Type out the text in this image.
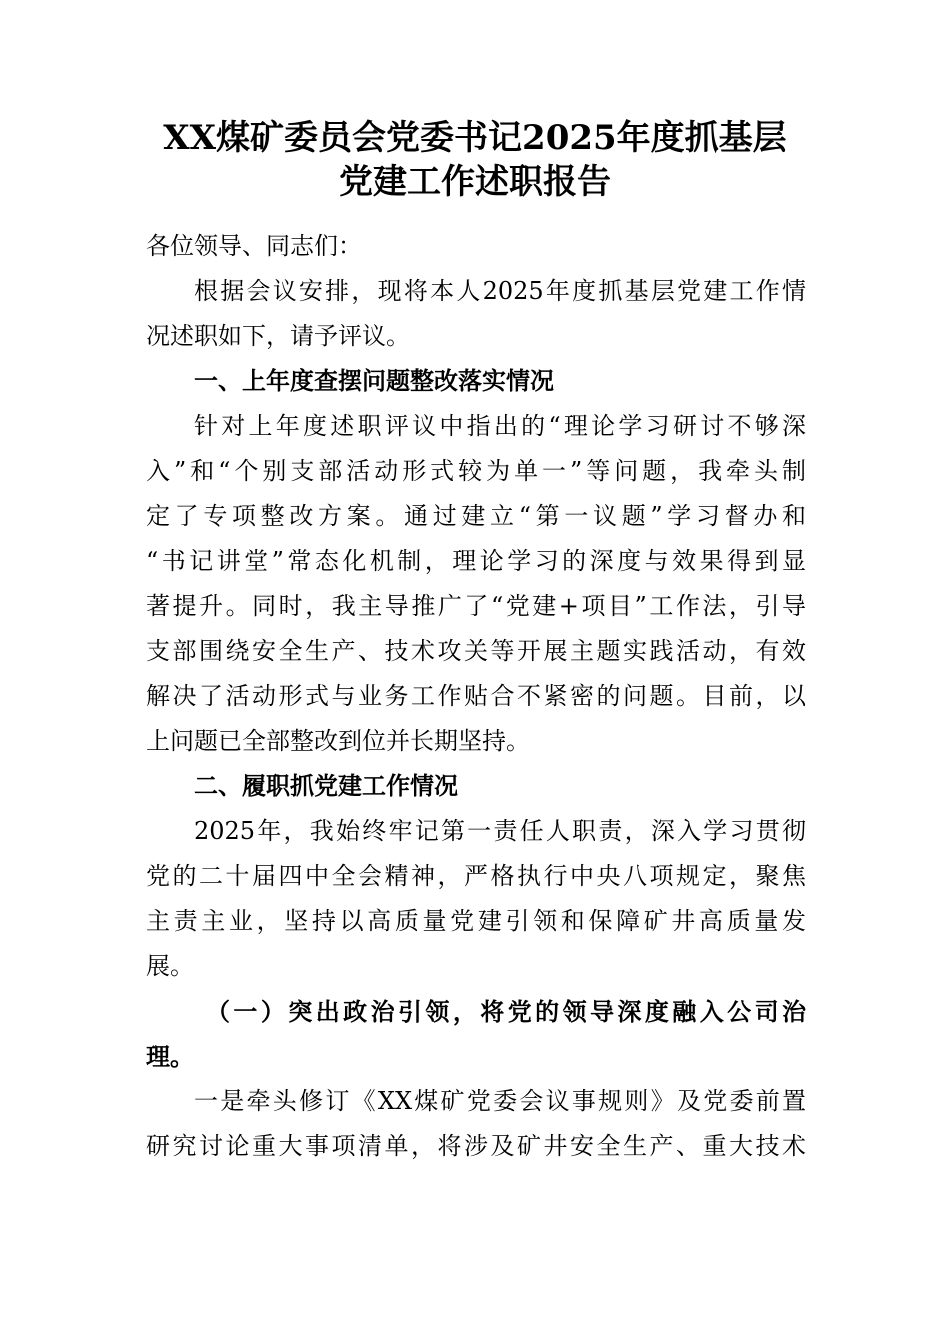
XX煤矿委员会党委书记2025年度抓基层
党建工作述职报告
各位领导、同志们：
根据会议安排，现将本人2025年度抓基层党建工作情
况述职如下，请予评议。
一、上年度查摆问题整改落实情况
针对上年度述职评议中指出的“理论学习研讨不够深
入”和“个别支部活动形式较为单一”等问题，我牵头制
定了专项整改方案。通过建立“第一议题”学习督办和
“书记讲堂”常态化机制，理论学习的深度与效果得到显
著提升。同时，我主导推广了“党建+项目”工作法，引导
支部围绕安全生产、技术攻关等开展主题实践活动，有效
解决了活动形式与业务工作贴合不紧密的问题。目前，以
上问题已全部整改到位并长期坚持。
二、履职抓党建工作情况
2025年，我始终牢记第一责任人职责，深入学习贯彻
党的二十届四中全会精神，严格执行中央八项规定，聚焦
主责主业，坚持以高质量党建引领和保障矿井高质量发
展。
（一）突出政治引领，将党的领导深度融入公司治
理。
一是牵头修订《XX煤矿党委会议事规则》及党委前置
研究讨论重大事项清单，将涉及矿井安全生产、重大技术
